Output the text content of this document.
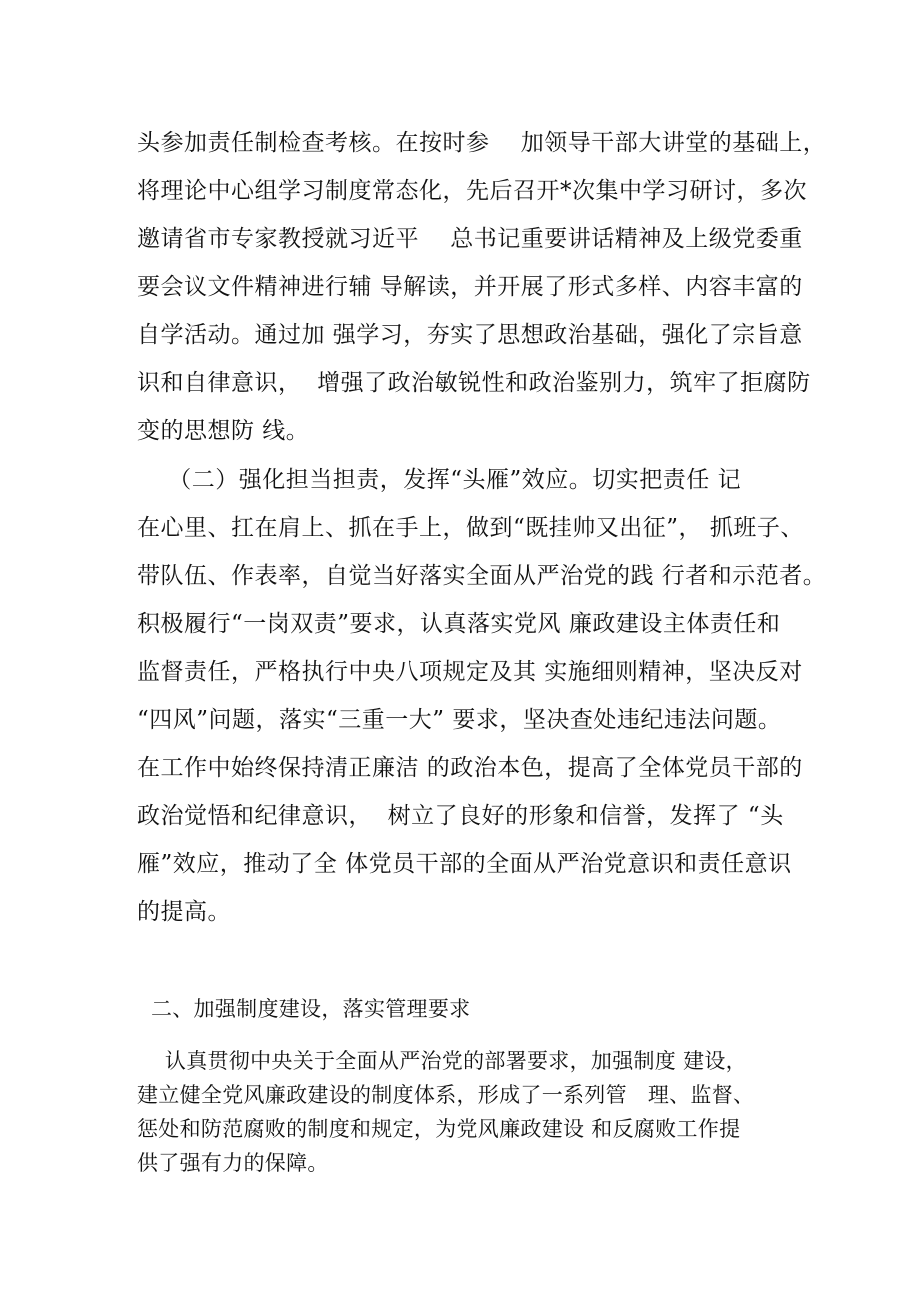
头参加责任制检查考核。在按时参    加领导干部大讲堂的基础上，
将理论中心组学习制度常态化，先后召开*次集中学习研讨，多次
邀请省市专家教授就习近平    总书记重要讲话精神及上级党委重
要会议文件精神进行辅 导解读，并开展了形式多样、内容丰富的
自学活动。通过加 强学习，夯实了思想政治基础，强化了宗旨意
识和自律意识，  增强了政治敏锐性和政治鉴别力，筑牢了拒腐防
变的思想防 线。
（二）强化担当担责，发挥“头雁”效应。切实把责任 记
在心里、扛在肩上、抓在手上，做到“既挂帅又出征”， 抓班子、
带队伍、作表率，自觉当好落实全面从严治党的践 行者和示范者。
积极履行“一岗双责”要求，认真落实党风 廉政建设主体责任和
监督责任，严格执行中央八项规定及其 实施细则精神，坚决反对
“四风”问题，落实“三重一大” 要求，坚决查处违纪违法问题。
在工作中始终保持清正廉洁 的政治本色，提高了全体党员干部的
政治觉悟和纪律意识，  树立了良好的形象和信誉，发挥了 “头
雁”效应，推动了全 体党员干部的全面从严治党意识和责任意识
的提高。
二、加强制度建设，落实管理要求
认真贯彻中央关于全面从严治党的部署要求，加强制度 建设，
建立健全党风廉政建设的制度体系，形成了一系列管   理、监督、
惩处和防范腐败的制度和规定，为党风廉政建设 和反腐败工作提
供了强有力的保障。
